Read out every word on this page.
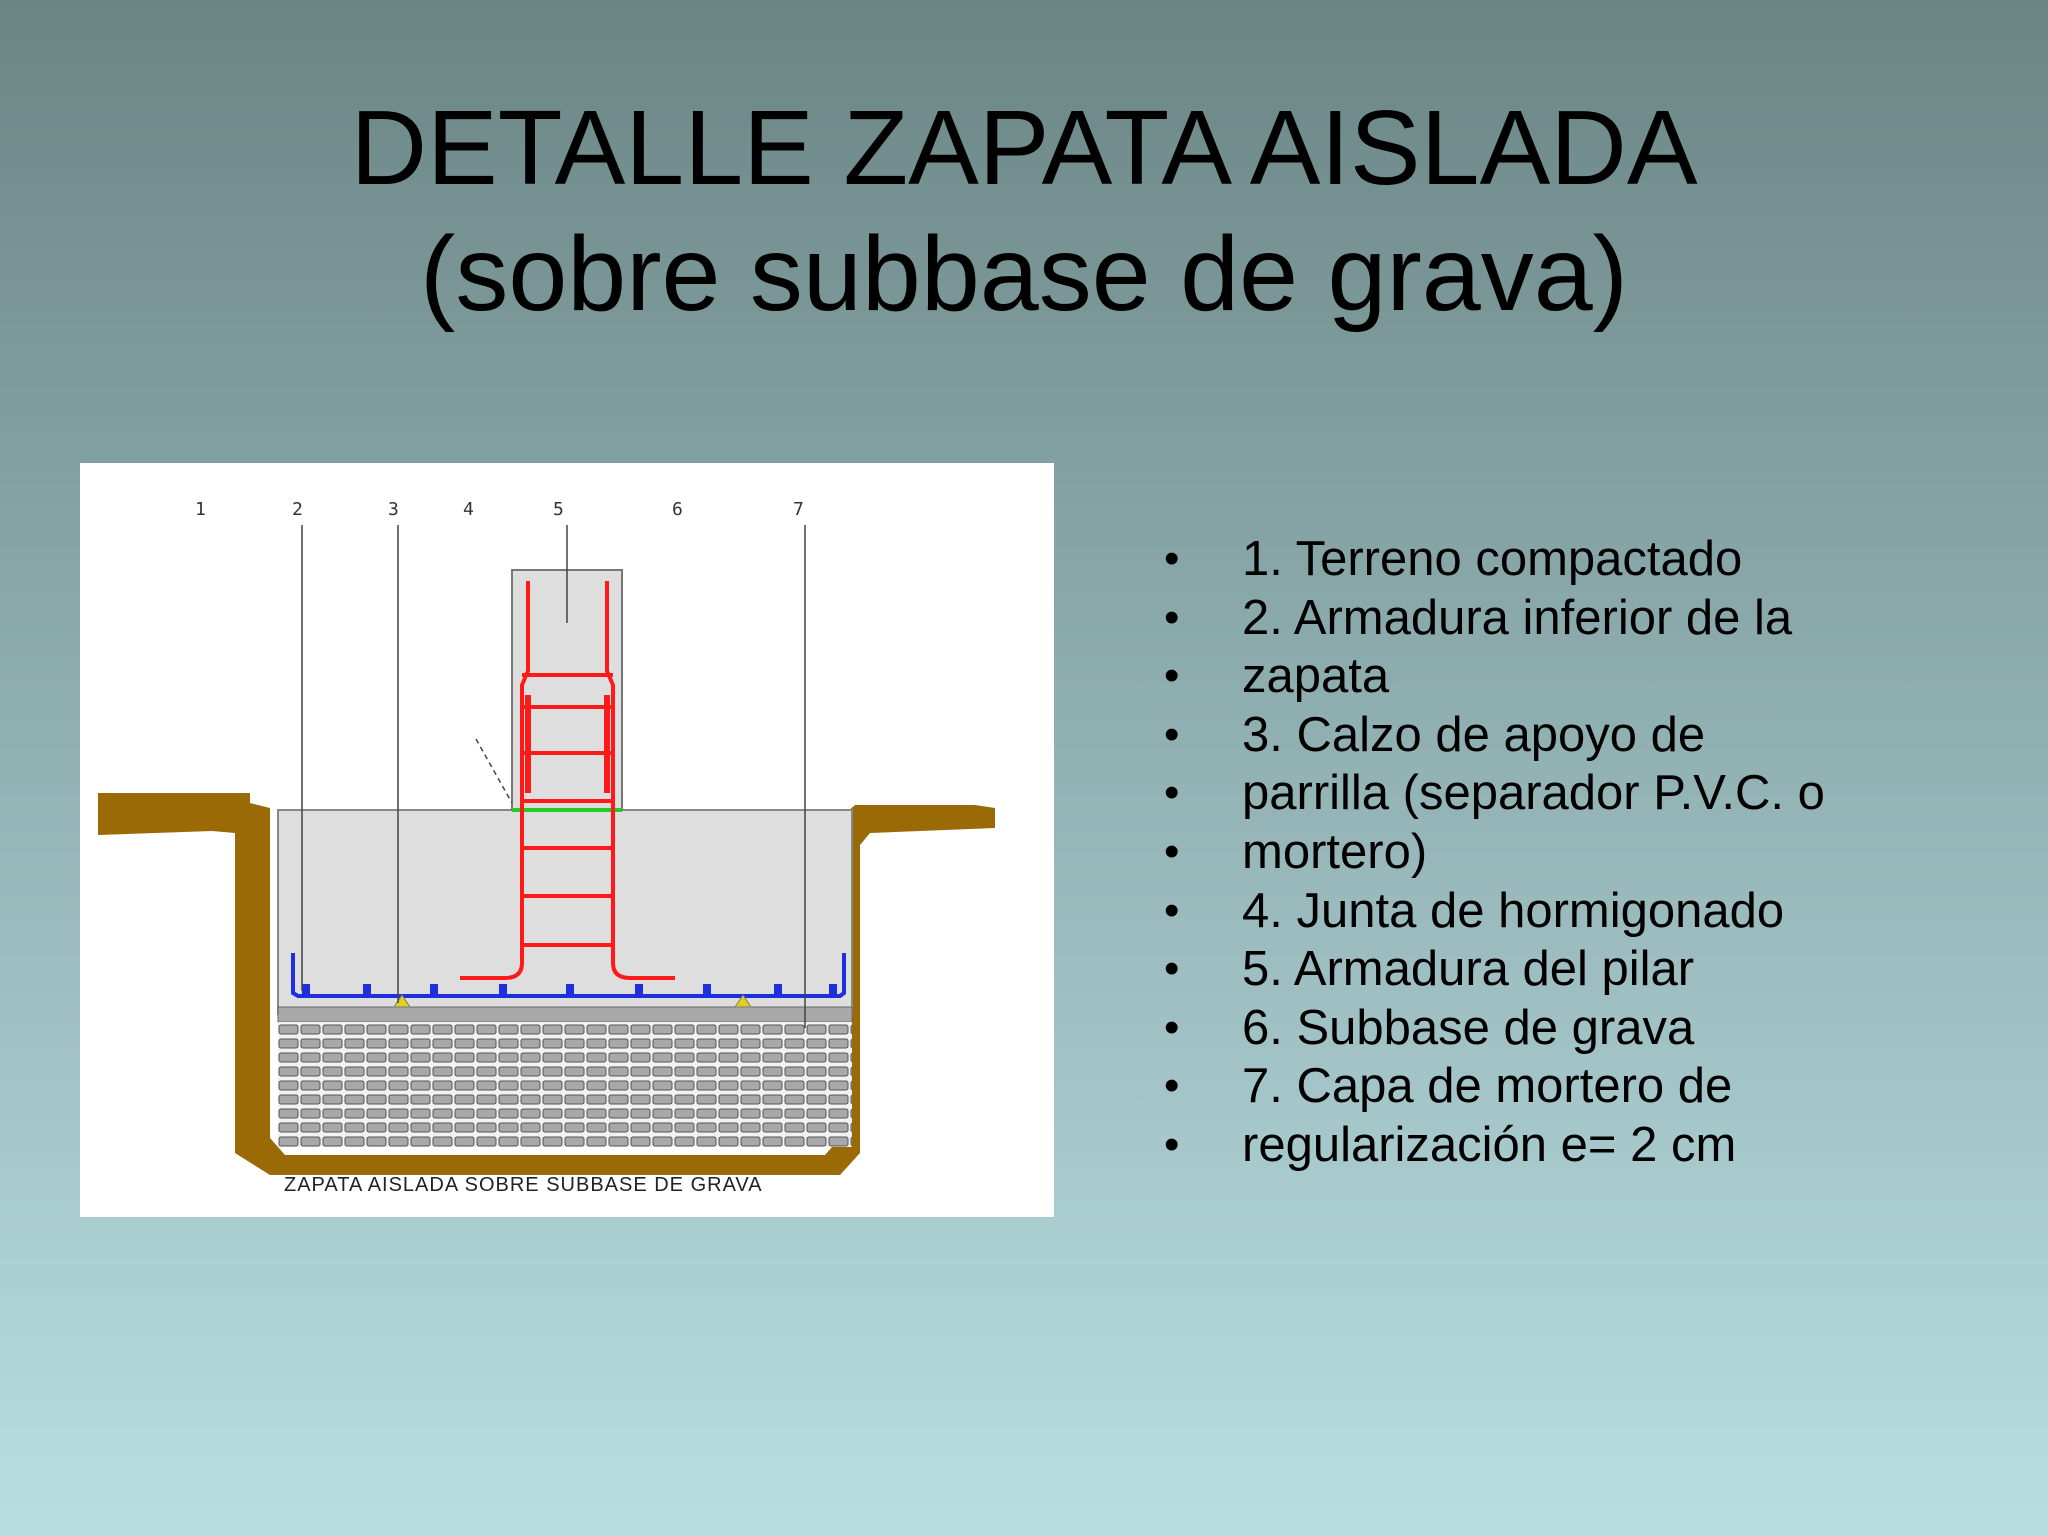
DETALLE ZAPATA AISLADA
(sobre subbase de grava)
1	2	3	4	5	6	7
ZAPATA AISLADA SOBRE SUBBASE DE GRAVA
• 1. Terreno compactado
• 2. Armadura inferior de la
• zapata
• 3. Calzo de apoyo de
• parrilla (separador P.V.C. o
• mortero)
• 4. Junta de hormigonado
• 5. Armadura del pilar
• 6. Subbase de grava
• 7. Capa de mortero de
• regularización e= 2 cm
